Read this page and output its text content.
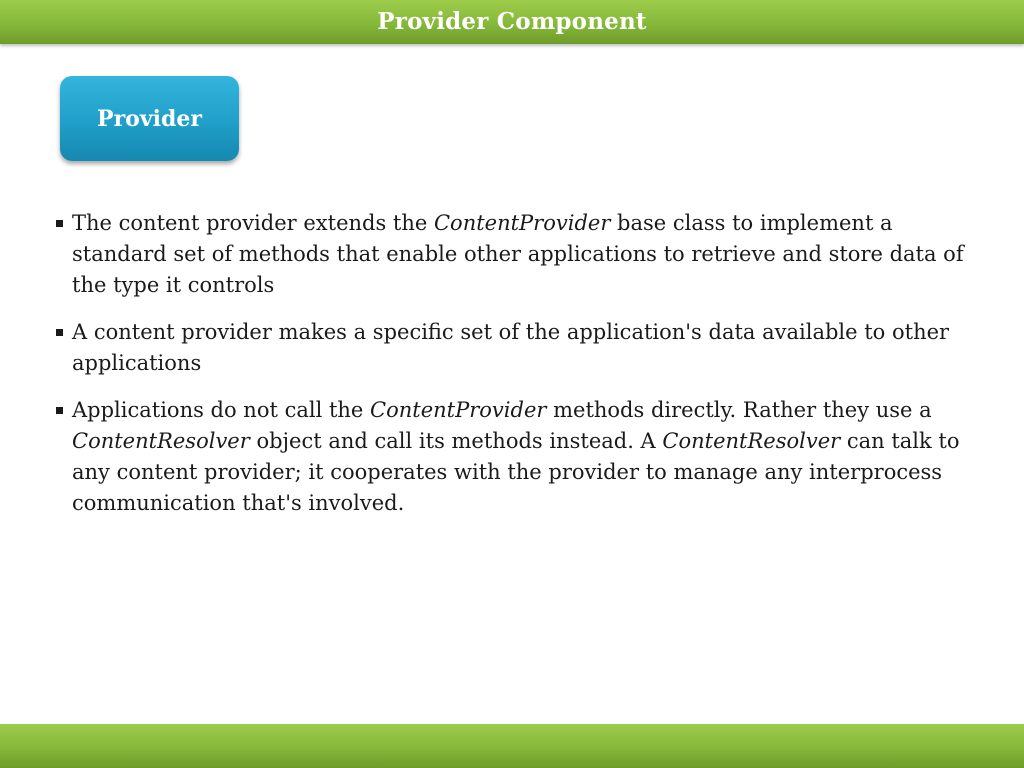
Provider Component
Provider
The content provider extends the ContentProvider base class to implement a standard set of methods that enable other applications to retrieve and store data of the type it controls
A content provider makes a specific set of the application's data available to other applications
Applications do not call the ContentProvider methods directly. Rather they use a ContentResolver object and call its methods instead. A ContentResolver can talk to any content provider; it cooperates with the provider to manage any interprocess communication that's involved.
